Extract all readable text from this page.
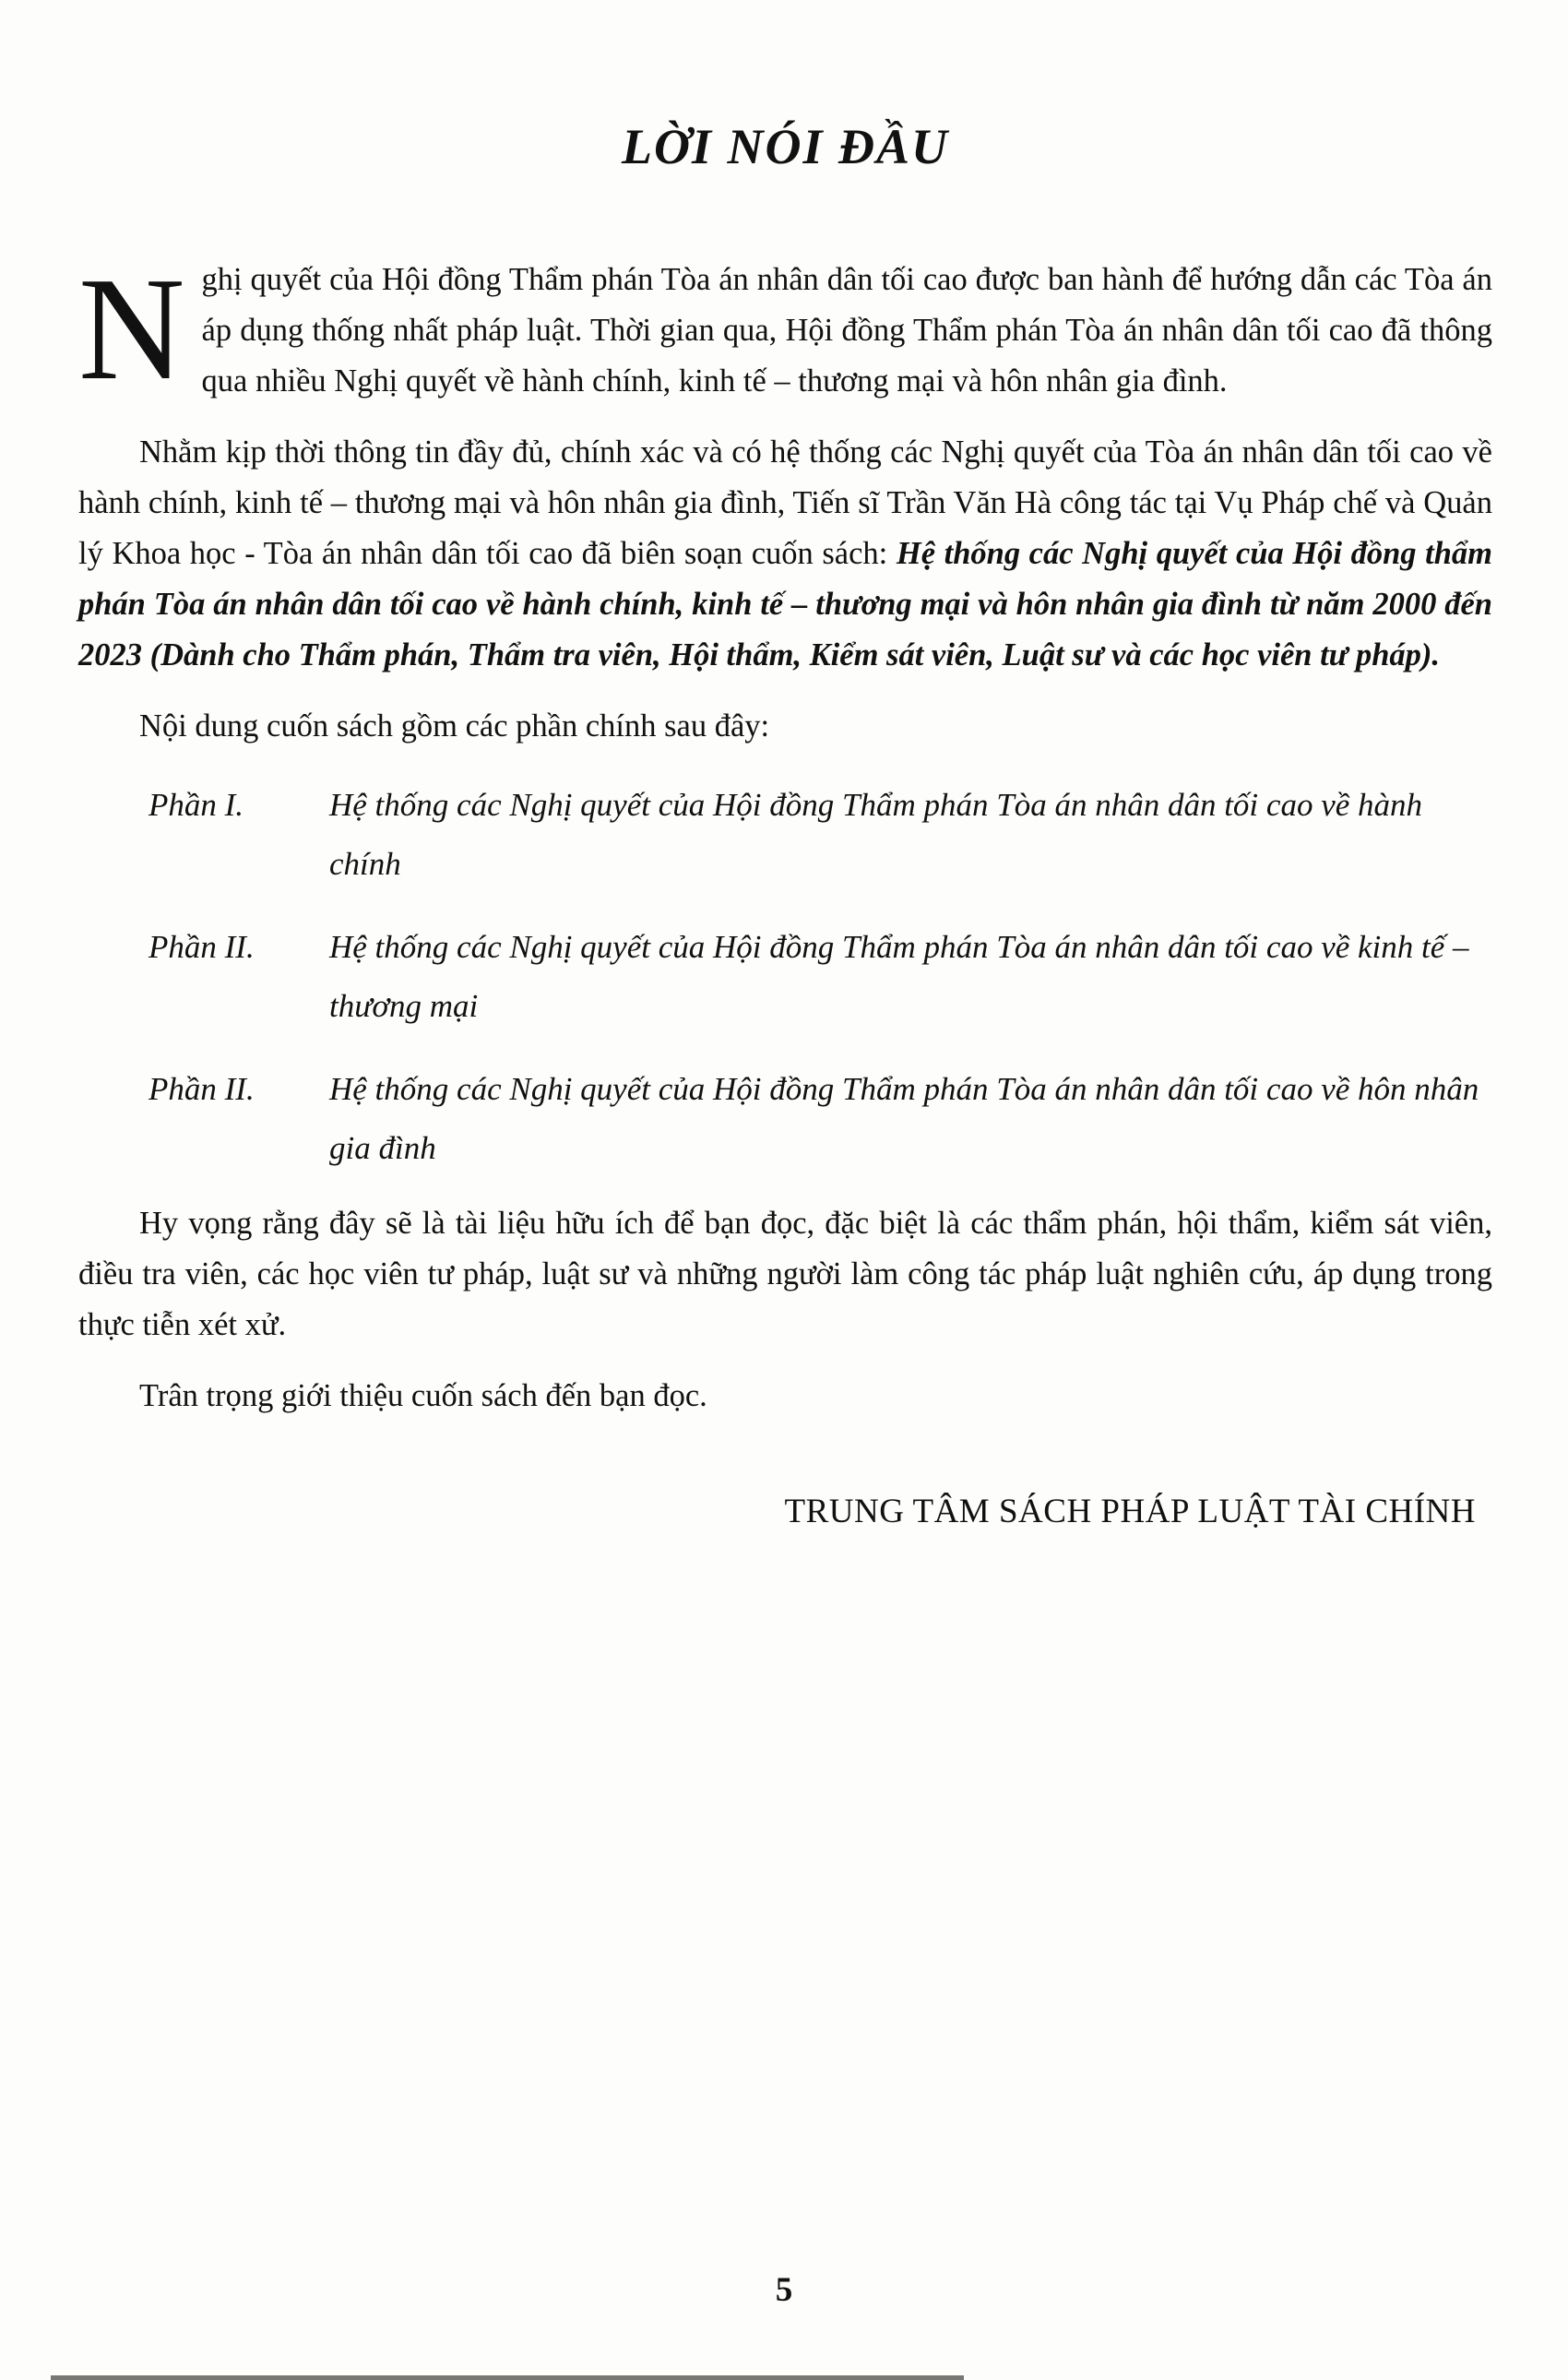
LỜI NÓI ĐẦU

Nghị quyết của Hội đồng Thẩm phán Tòa án nhân dân tối cao được ban hành để hướng dẫn các Tòa án áp dụng thống nhất pháp luật. Thời gian qua, Hội đồng Thẩm phán Tòa án nhân dân tối cao đã thông qua nhiều Nghị quyết về hành chính, kinh tế – thương mại và hôn nhân gia đình.

Nhằm kịp thời thông tin đầy đủ, chính xác và có hệ thống các Nghị quyết của Tòa án nhân dân tối cao về hành chính, kinh tế – thương mại và hôn nhân gia đình, Tiến sĩ Trần Văn Hà công tác tại Vụ Pháp chế và Quản lý Khoa học - Tòa án nhân dân tối cao đã biên soạn cuốn sách: Hệ thống các Nghị quyết của Hội đồng thẩm phán Tòa án nhân dân tối cao về hành chính, kinh tế – thương mại và hôn nhân gia đình từ năm 2000 đến 2023 (Dành cho Thẩm phán, Thẩm tra viên, Hội thẩm, Kiểm sát viên, Luật sư và các học viên tư pháp).

Nội dung cuốn sách gồm các phần chính sau đây:

Phần I.	Hệ thống các Nghị quyết của Hội đồng Thẩm phán Tòa án nhân dân tối cao về hành chính
Phần II.	Hệ thống các Nghị quyết của Hội đồng Thẩm phán Tòa án nhân dân tối cao về kinh tế – thương mại
Phần II.	Hệ thống các Nghị quyết của Hội đồng Thẩm phán Tòa án nhân dân tối cao về hôn nhân gia đình

Hy vọng rằng đây sẽ là tài liệu hữu ích để bạn đọc, đặc biệt là các thẩm phán, hội thẩm, kiểm sát viên, điều tra viên, các học viên tư pháp, luật sư và những người làm công tác pháp luật nghiên cứu, áp dụng trong thực tiễn xét xử.

Trân trọng giới thiệu cuốn sách đến bạn đọc.

TRUNG TÂM SÁCH PHÁP LUẬT TÀI CHÍNH
5
